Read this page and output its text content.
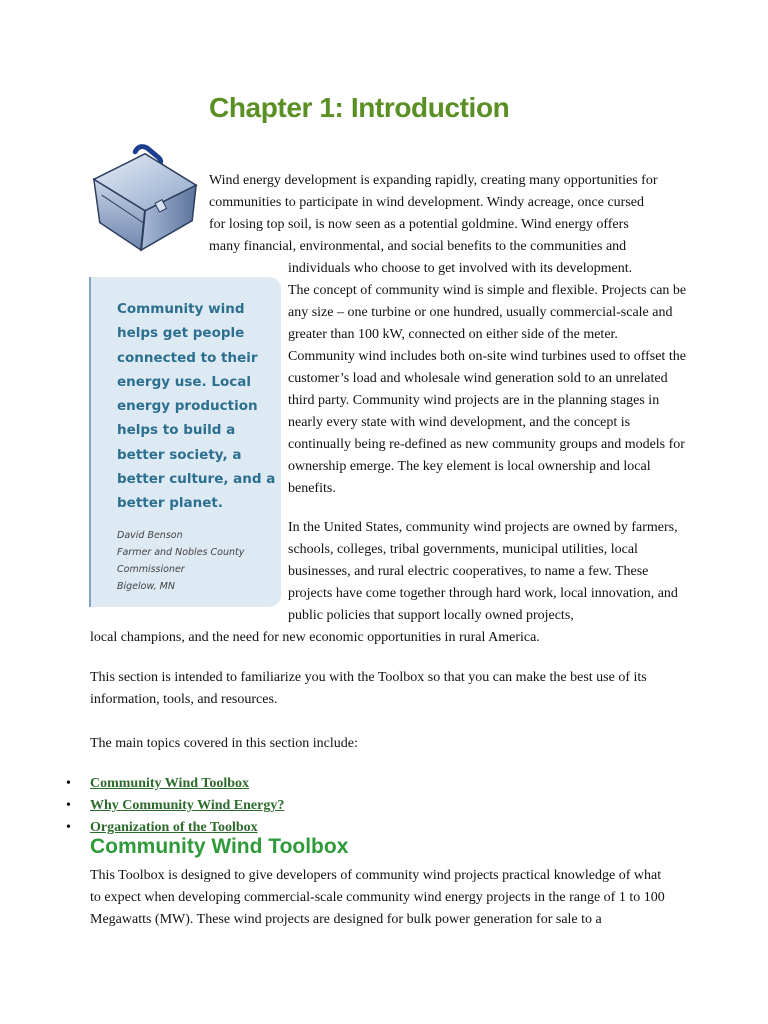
Chapter 1: Introduction
Wind energy development is expanding rapidly, creating many opportunities for
communities to participate in wind development. Windy acreage, once cursed
for losing top soil, is now seen as a potential goldmine. Wind energy offers
many financial, environmental, and social benefits to the communities and
individuals who choose to get involved with its development.
The concept of community wind is simple and flexible. Projects can be any size – one turbine or one hundred, usually commercial-scale and greater than 100 kW, connected on either side of the meter. Community wind includes both on-site wind turbines used to offset the customer’s load and wholesale wind generation sold to an unrelated third party. Community wind projects are in the planning stages in nearly every state with wind development, and the concept is continually being re-defined as new community groups and models for ownership emerge. The key element is local ownership and local benefits.

Community wind helps get people connected to their energy use. Local energy production helps to build a better society, a better culture, and a better planet.

David Benson
Farmer and Nobles County
Commissioner
Bigelow, MN
In the United States, community wind projects are owned by farmers, schools, colleges, tribal governments, municipal utilities, local businesses, and rural electric cooperatives, to name a few. These projects have come together through hard work, local innovation, and public policies that support locally owned projects,
local champions, and the need for new economic opportunities in rural America.
This section is intended to familiarize you with the Toolbox so that you can make the best use of its information, tools, and resources.
The main topics covered in this section include:
• Community Wind Toolbox
• Why Community Wind Energy?
• Organization of the Toolbox
Community Wind Toolbox
This Toolbox is designed to give developers of community wind projects practical knowledge of what to expect when developing commercial-scale community wind energy projects in the range of 1 to 100 Megawatts (MW). These wind projects are designed for bulk power generation for sale to a
